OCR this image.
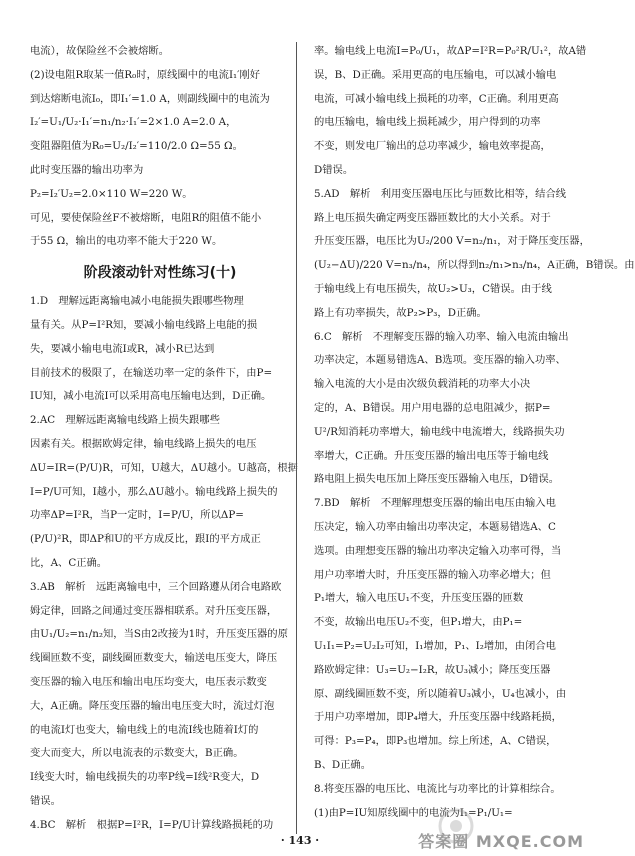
电流），故保险丝不会被熔断。
(2)设电阻R取某一值R₀时，原线圈中的电流I₁′刚好
到达熔断电流I₀，即I₁′=1.0 A，则副线圈中的电流为
I₂′=U₁/U₂·I₁′=n₁/n₂·I₁′=2×1.0 A=2.0 A，
变阻器阻值为R₀=U₂/I₂′=110/2.0 Ω=55 Ω。
此时变压器的输出功率为
P₂=I₂′U₂=2.0×110 W=220 W。
可见，要使保险丝F不被熔断，电阻R的阻值不能小
于55 Ω，输出的电功率不能大于220 W。
阶段滚动针对性练习(十)
1.D　理解远距离输电减小电能损失跟哪些物理
量有关。从P=I²R知，要减小输电线路上电能的损
失，要减小输电电流I或R，减小R已达到
目前技术的极限了，在输送功率一定的条件下，由P=
IU知，减小电流I可以采用高电压输电达到，D正确。
2.AC　理解远距离输电线路上损失跟哪些
因素有关。根据欧姆定律，输电线路上损失的电压
ΔU=IR=(P/U)R，可知，U越大，ΔU越小。U越高，根据
I=P/U可知，I越小，那么ΔU越小。输电线路上损失的
功率ΔP=I²R，当P一定时，I=P/U，所以ΔP=
(P/U)²R，即ΔP和U的平方成反比，跟I的平方成正
比，A、C正确。
3.AB　解析　远距离输电中，三个回路遵从闭合电路欧
姆定律，回路之间通过变压器相联系。对升压变压器，
由U₁/U₂=n₁/n₂知，当S由2改接为1时，升压变压器的原
线圈匝数不变，副线圈匝数变大，输送电压变大，降压
变压器的输入电压和输出电压均变大，电压表示数变
大，A正确。降压变压器的输出电压变大时，流过灯泡
的电流I灯也变大，输电线上的电流I线也随着I灯的
变大而变大，所以电流表的示数变大，B正确。
I线变大时，输电线损失的功率P线=I线²R变大，D
错误。
4.BC　解析　根据P=I²R，I=P/U计算线路损耗的功
率。输电线上电流I=P₀/U₁，故ΔP=I²R=P₀²R/U₁²，故A错
误，B、D正确。采用更高的电压输电，可以减小输电
电流，可减小输电线上损耗的功率，C正确。利用更高
的电压输电，输电线上损耗减少，用户得到的功率
不变，则发电厂输出的总功率减少，输电效率提高，
D错误。
5.AD　解析　利用变压器电压比与匝数比相等，结合线
路上电压损失确定两变压器匝数比的大小关系。对于
升压变压器，电压比为U₂/200 V=n₂/n₁，对于降压变压器，
(U₂−ΔU)/220 V=n₃/n₄，所以得到n₂/n₁>n₃/n₄，A正确，B错误。由
于输电线上有电压损失，故U₂>U₃，C错误。由于线
路上有功率损失，故P₂>P₃，D正确。
6.C　解析　不理解变压器的输入功率、输入电流由输出
功率决定，本题易错选A、B选项。变压器的输入功率、
输入电流的大小是由次级负载消耗的功率大小决
定的，A、B错误。用户用电器的总电阻减少，据P=
U²/R知消耗功率增大，输电线中电流增大，线路损失功
率增大，C正确。升压变压器的输出电压等于输电线
路电阻上损失电压加上降压变压器输入电压，D错误。
7.BD　解析　不理解理想变压器的输出电压由输入电
压决定，输入功率由输出功率决定，本题易错选A、C
选项。由理想变压器的输出功率决定输入功率可得，当
用户功率增大时，升压变压器的输入功率必增大；但
P₁增大，输入电压U₁不变，升压变压器的匝数
不变，故输出电压U₂不变，但P₁增大，由P₁=
U₁I₁=P₂=U₂I₂可知，I₁增加，P₁、I₂增加，由闭合电
路欧姆定律：U₃=U₂−I₂R，故U₃减小；降压变压器
原、副线圈匝数不变，所以随着U₃减小，U₄也减小，由
于用户功率增加，即P₄增大，升压变压器中线路耗损，
可得：P₃=P₄，即P₃也增加。综上所述，A、C错误，
B、D正确。
8.将变压器的电压比、电流比与功率比的计算相综合。
(1)由P=IU知原线圈中的电流为I₁=P₁/U₁=
· 143 ·	答案圈 MXQE.COM
